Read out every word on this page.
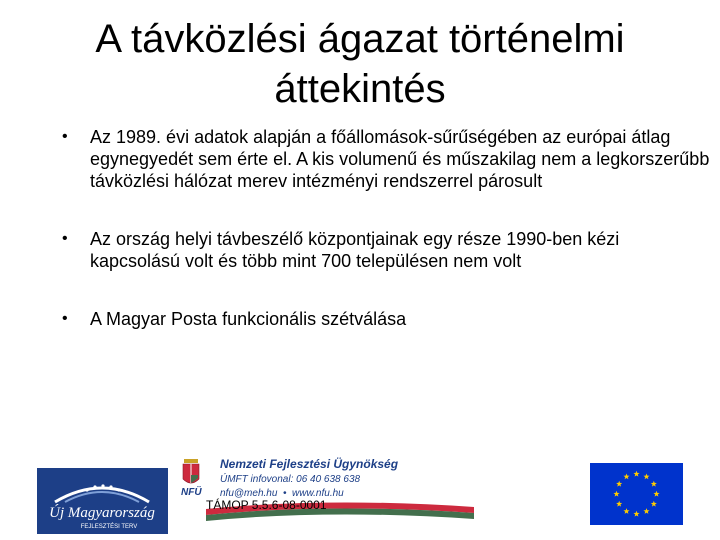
A távközlési ágazat történelmi áttekintés
• Az 1989. évi adatok alapján a főállomások-sűrűségében az európai átlag egynegyedét sem érte el. A kis volumenű és műszakilag nem a legkorszerűbb távközlési hálózat merev intézményi rendszerrel párosult
• Az ország helyi távbeszélő központjainak egy része 1990-ben kézi kapcsolású volt és több mint 700 településen nem volt
• A Magyar Posta funkcionális szétválása
Új Magyarország
FEJLESZTÉSI TERV
NFÜ
Nemzeti Fejlesztési Ügynökség
ÚMFT infovonal: 06 40 638 638
nfu@meh.hu  •  www.nfu.hu
TÁMOP 5.5.6-08-0001
